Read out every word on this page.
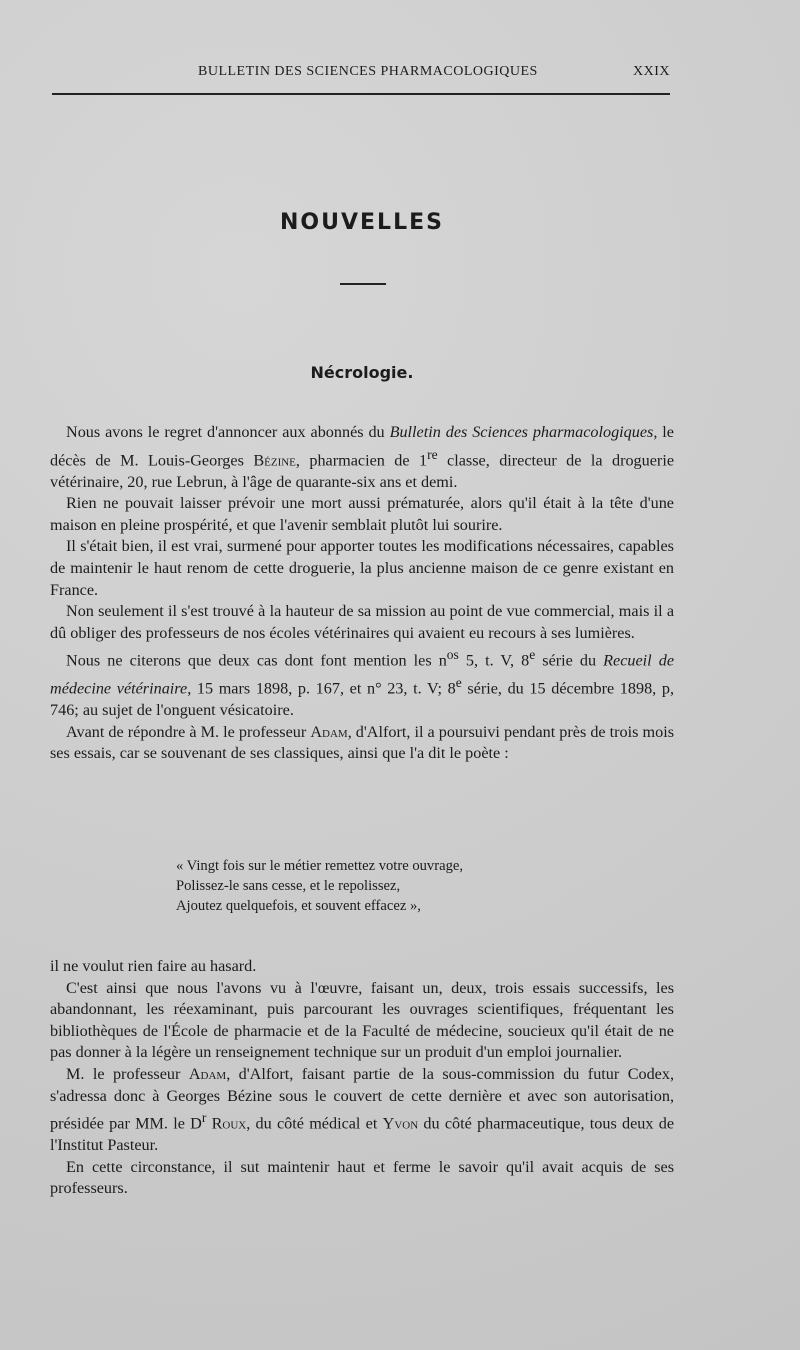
BULLETIN DES SCIENCES PHARMACOLOGIQUES	XXIX
NOUVELLES
Nécrologie.

Nous avons le regret d'annoncer aux abonnés du Bulletin des Sciences pharmacologiques, le décès de M. Louis-Georges Bézine, pharmacien de 1re classe, directeur de la droguerie vétérinaire, 20, rue Lebrun, à l'âge de quarante-six ans et demi.

Rien ne pouvait laisser prévoir une mort aussi prématurée, alors qu'il était à la tête d'une maison en pleine prospérité, et que l'avenir semblait plutôt lui sourire.

Il s'était bien, il est vrai, surmené pour apporter toutes les modifications nécessaires, capables de maintenir le haut renom de cette droguerie, la plus ancienne maison de ce genre existant en France.

Non seulement il s'est trouvé à la hauteur de sa mission au point de vue commercial, mais il a dû obliger des professeurs de nos écoles vétérinaires qui avaient eu recours à ses lumières.

Nous ne citerons que deux cas dont font mention les $n^{os}$ 5, t. V, 8e série du Recueil de médecine vétérinaire, 15 mars 1898, p. 167, et n° 23, t. V; 8e série, du 15 décembre 1898, p, 746; au sujet de l'onguent vésicatoire.

Avant de répondre à M. le professeur Adam, d'Alfort, il a poursuivi pendant près de trois mois ses essais, car se souvenant de ses classiques, ainsi que l'a dit le poète :

« Vingt fois sur le métier remettez votre ouvrage,
Polissez-le sans cesse, et le repolissez,
Ajoutez quelquefois, et souvent effacez »,

il ne voulut rien faire au hasard.

C'est ainsi que nous l'avons vu à l'œuvre, faisant un, deux, trois essais successifs, les abandonnant, les réexaminant, puis parcourant les ouvrages scientifiques, fréquentant les bibliothèques de l'École de pharmacie et de la Faculté de médecine, soucieux qu'il était de ne pas donner à la légère un renseignement technique sur un produit d'un emploi journalier.

M. le professeur Adam, d'Alfort, faisant partie de la sous-commission du futur Codex, s'adressa donc à Georges Bézine sous le couvert de cette dernière et avec son autorisation, présidée par MM. le $D^r$ Roux, du côté médical et Yvon du côté pharmaceutique, tous deux de l'Institut Pasteur.

En cette circonstance, il sut maintenir haut et ferme le savoir qu'il avait acquis de ses professeurs.
